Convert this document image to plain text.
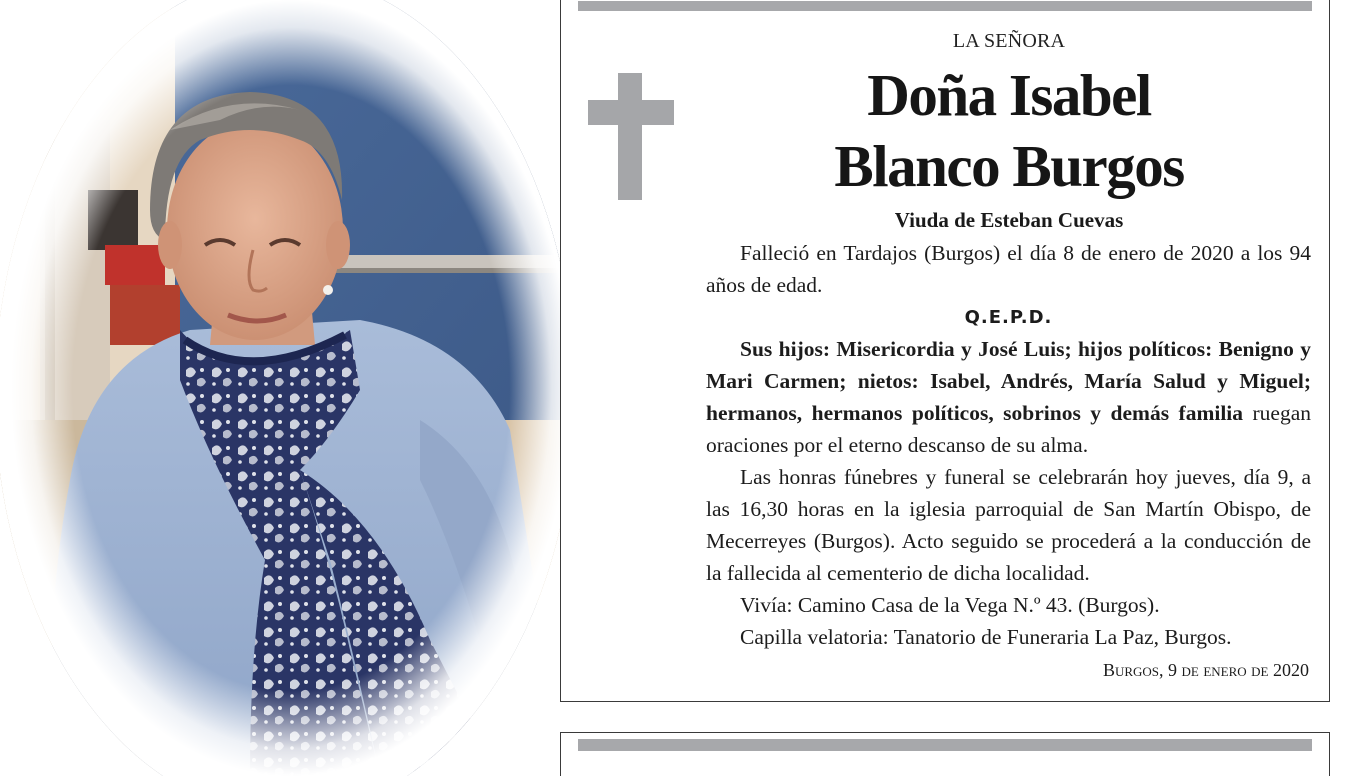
LA SEÑORA
Doña Isabel
Blanco Burgos
Viuda de Esteban Cuevas

Falleció en Tardajos (Burgos) el día 8 de enero de 2020 a los 94 años de edad.

Q.E.P.D.

Sus hijos: Misericordia y José Luis; hijos políticos: Benigno y Mari Carmen; nietos: Isabel, Andrés, María Salud y Miguel; hermanos, hermanos políticos, sobrinos y demás familia ruegan oraciones por el eterno descanso de su alma.

Las honras fúnebres y funeral se celebrarán hoy jueves, día 9, a las 16,30 horas en la iglesia parroquial de San Martín Obispo, de Mecerreyes (Burgos). Acto seguido se procederá a la conducción de la fallecida al cementerio de dicha localidad.

Vivía: Camino Casa de la Vega N.º 43. (Burgos).

Capilla velatoria: Tanatorio de Funeraria La Paz, Burgos.

Burgos, 9 de enero de 2020
